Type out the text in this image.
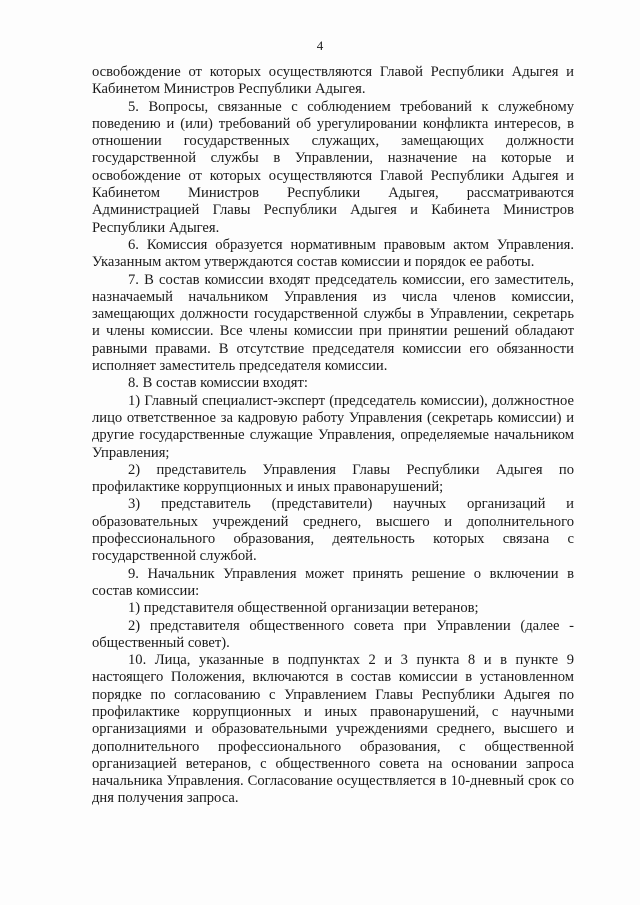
4

освобождение от которых осуществляются Главой Республики Адыгея и Кабинетом Министров Республики Адыгея.

5. Вопросы, связанные с соблюдением требований к служебному поведению и (или) требований об урегулировании конфликта интересов, в отношении государственных служащих, замещающих должности государственной службы в Управлении, назначение на которые и освобождение от которых осуществляются Главой Республики Адыгея и Кабинетом Министров Республики Адыгея, рассматриваются Администрацией Главы Республики Адыгея и Кабинета Министров Республики Адыгея.

6. Комиссия образуется нормативным правовым актом Управления. Указанным актом утверждаются состав комиссии и порядок ее работы.

7. В состав комиссии входят председатель комиссии, его заместитель, назначаемый начальником Управления из числа членов комиссии, замещающих должности государственной службы в Управлении, секретарь и члены комиссии. Все члены комиссии при принятии решений обладают равными правами. В отсутствие председателя комиссии его обязанности исполняет заместитель председателя комиссии.

8. В состав комиссии входят:

1) Главный специалист-эксперт (председатель комиссии), должностное лицо ответственное за кадровую работу Управления (секретарь комиссии) и другие государственные служащие Управления, определяемые начальником Управления;

2) представитель Управления Главы Республики Адыгея по профилактике коррупционных и иных правонарушений;

3) представитель (представители) научных организаций и образовательных учреждений среднего, высшего и дополнительного профессионального образования, деятельность которых связана с государственной службой.

9. Начальник Управления может принять решение о включении в состав комиссии:

1) представителя общественной организации ветеранов;

2) представителя общественного совета при Управлении (далее - общественный совет).

10. Лица, указанные в подпунктах 2 и 3 пункта 8 и в пункте 9 настоящего Положения, включаются в состав комиссии в установленном порядке по согласованию с Управлением Главы Республики Адыгея по профилактике коррупционных и иных правонарушений, с научными организациями и образовательными учреждениями среднего, высшего и дополнительного профессионального образования, с общественной организацией ветеранов, с общественного совета на основании запроса начальника Управления. Согласование осуществляется в 10-дневный срок со дня получения запроса.
